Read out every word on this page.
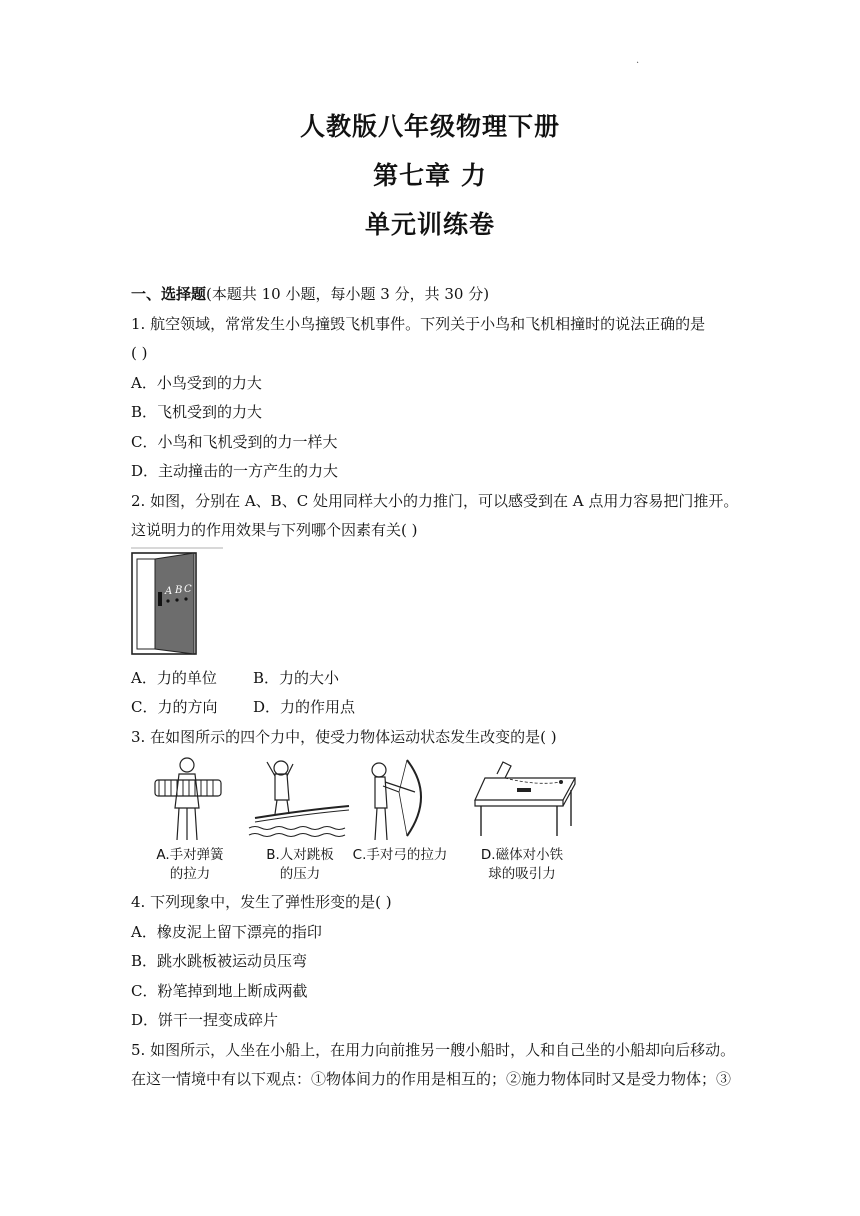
·
人教版八年级物理下册
第七章 力
单元训练卷
一、选择题(本题共 10 小题，每小题 3 分，共 30 分)
1. 航空领域，常常发生小鸟撞毁飞机事件。下列关于小鸟和飞机相撞时的说法正确的是
( )
A．小鸟受到的力大
B．飞机受到的力大
C．小鸟和飞机受到的力一样大
D．主动撞击的一方产生的力大
2. 如图，分别在 A、B、C 处用同样大小的力推门，可以感受到在 A 点用力容易把门推开。
这说明力的作用效果与下列哪个因素有关( )
A B C
A．力的单位	B．力的大小
C．力的方向	D．力的作用点
3. 在如图所示的四个力中，使受力物体运动状态发生改变的是( )
A.手对弹簧
的拉力
B.人对跳板
的压力
C.手对弓的拉力	D.磁体对小铁
球的吸引力
4. 下列现象中，发生了弹性形变的是( )
A．橡皮泥上留下漂亮的指印
B．跳水跳板被运动员压弯
C．粉笔掉到地上断成两截
D．饼干一捏变成碎片
5. 如图所示，人坐在小船上，在用力向前推另一艘小船时，人和自己坐的小船却向后移动。
在这一情境中有以下观点：①物体间力的作用是相互的；②施力物体同时又是受力物体；③
